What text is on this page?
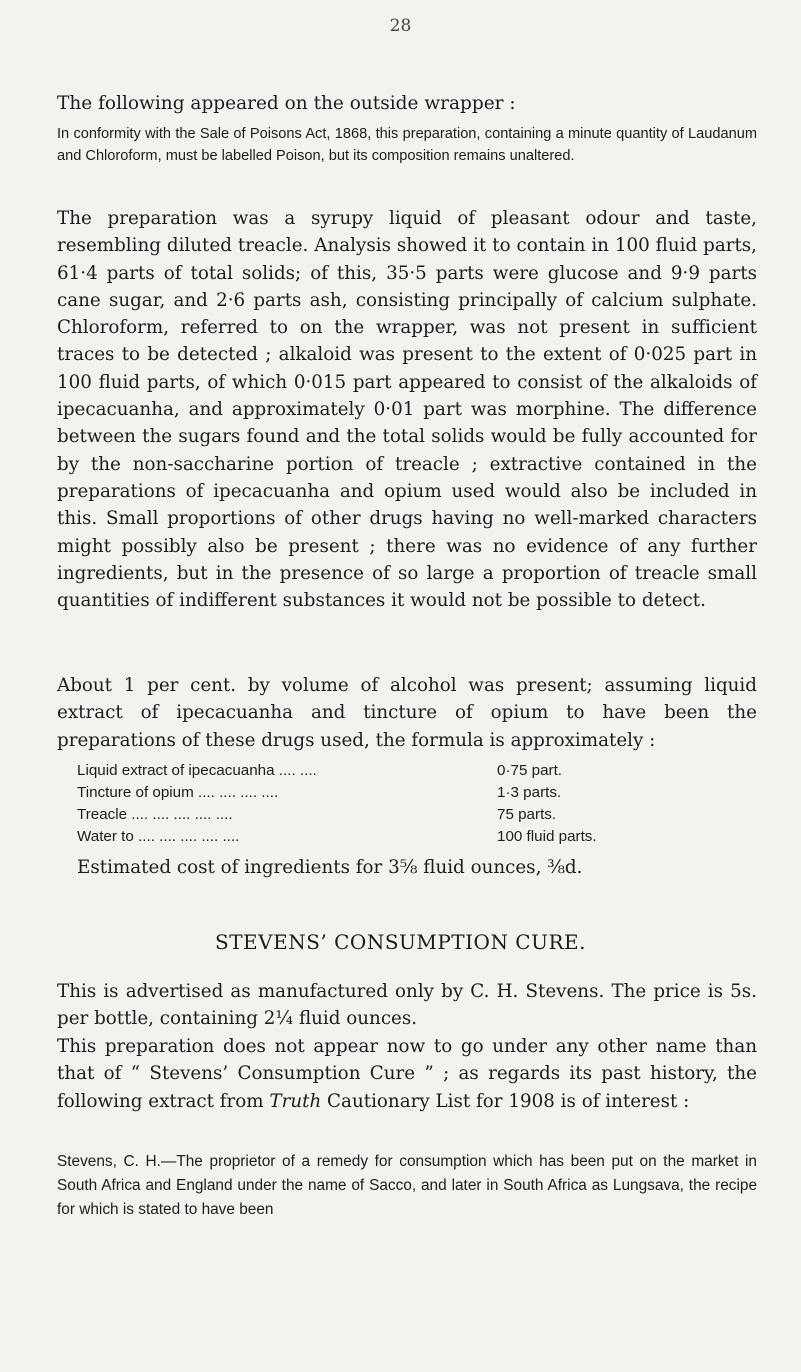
28

The following appeared on the outside wrapper :

In conformity with the Sale of Poisons Act, 1868, this preparation, containing a minute quantity of Laudanum and Chloroform, must be labelled Poison, but its composition remains unaltered.

The preparation was a syrupy liquid of pleasant odour and taste, resembling diluted treacle. Analysis showed it to contain in 100 fluid parts, 61·4 parts of total solids; of this, 35·5 parts were glucose and 9·9 parts cane sugar, and 2·6 parts ash, consisting principally of calcium sulphate. Chloroform, referred to on the wrapper, was not present in sufficient traces to be detected ; alkaloid was present to the extent of 0·025 part in 100 fluid parts, of which 0·015 part appeared to consist of the alkaloids of ipecacuanha, and approximately 0·01 part was morphine. The difference between the sugars found and the total solids would be fully accounted for by the non-saccharine portion of treacle ; extractive contained in the preparations of ipecacuanha and opium used would also be included in this. Small proportions of other drugs having no well-marked characters might possibly also be present ; there was no evidence of any further ingredients, but in the presence of so large a proportion of treacle small quantities of indifferent substances it would not be possible to detect.

About 1 per cent. by volume of alcohol was present; assuming liquid extract of ipecacuanha and tincture of opium to have been the preparations of these drugs used, the formula is approximately :

Liquid extract of ipecacuanha .... ....	0·75 part.
Tincture of opium .... .... .... ....	1·3 parts.
Treacle .... .... .... .... ....	75 parts.
Water to .... .... .... .... ....	100 fluid parts.

Estimated cost of ingredients for 3⅝ fluid ounces, ⅜d.

STEVENS’ CONSUMPTION CURE.

This is advertised as manufactured only by C. H. Stevens. The price is 5s. per bottle, containing 2¼ fluid ounces.

This preparation does not appear now to go under any other name than that of “ Stevens’ Consumption Cure ” ; as regards its past history, the following extract from Truth Cautionary List for 1908 is of interest :

Stevens, C. H.—The proprietor of a remedy for consumption which has been put on the market in South Africa and England under the name of Sacco, and later in South Africa as Lungsava, the recipe for which is stated to have been
